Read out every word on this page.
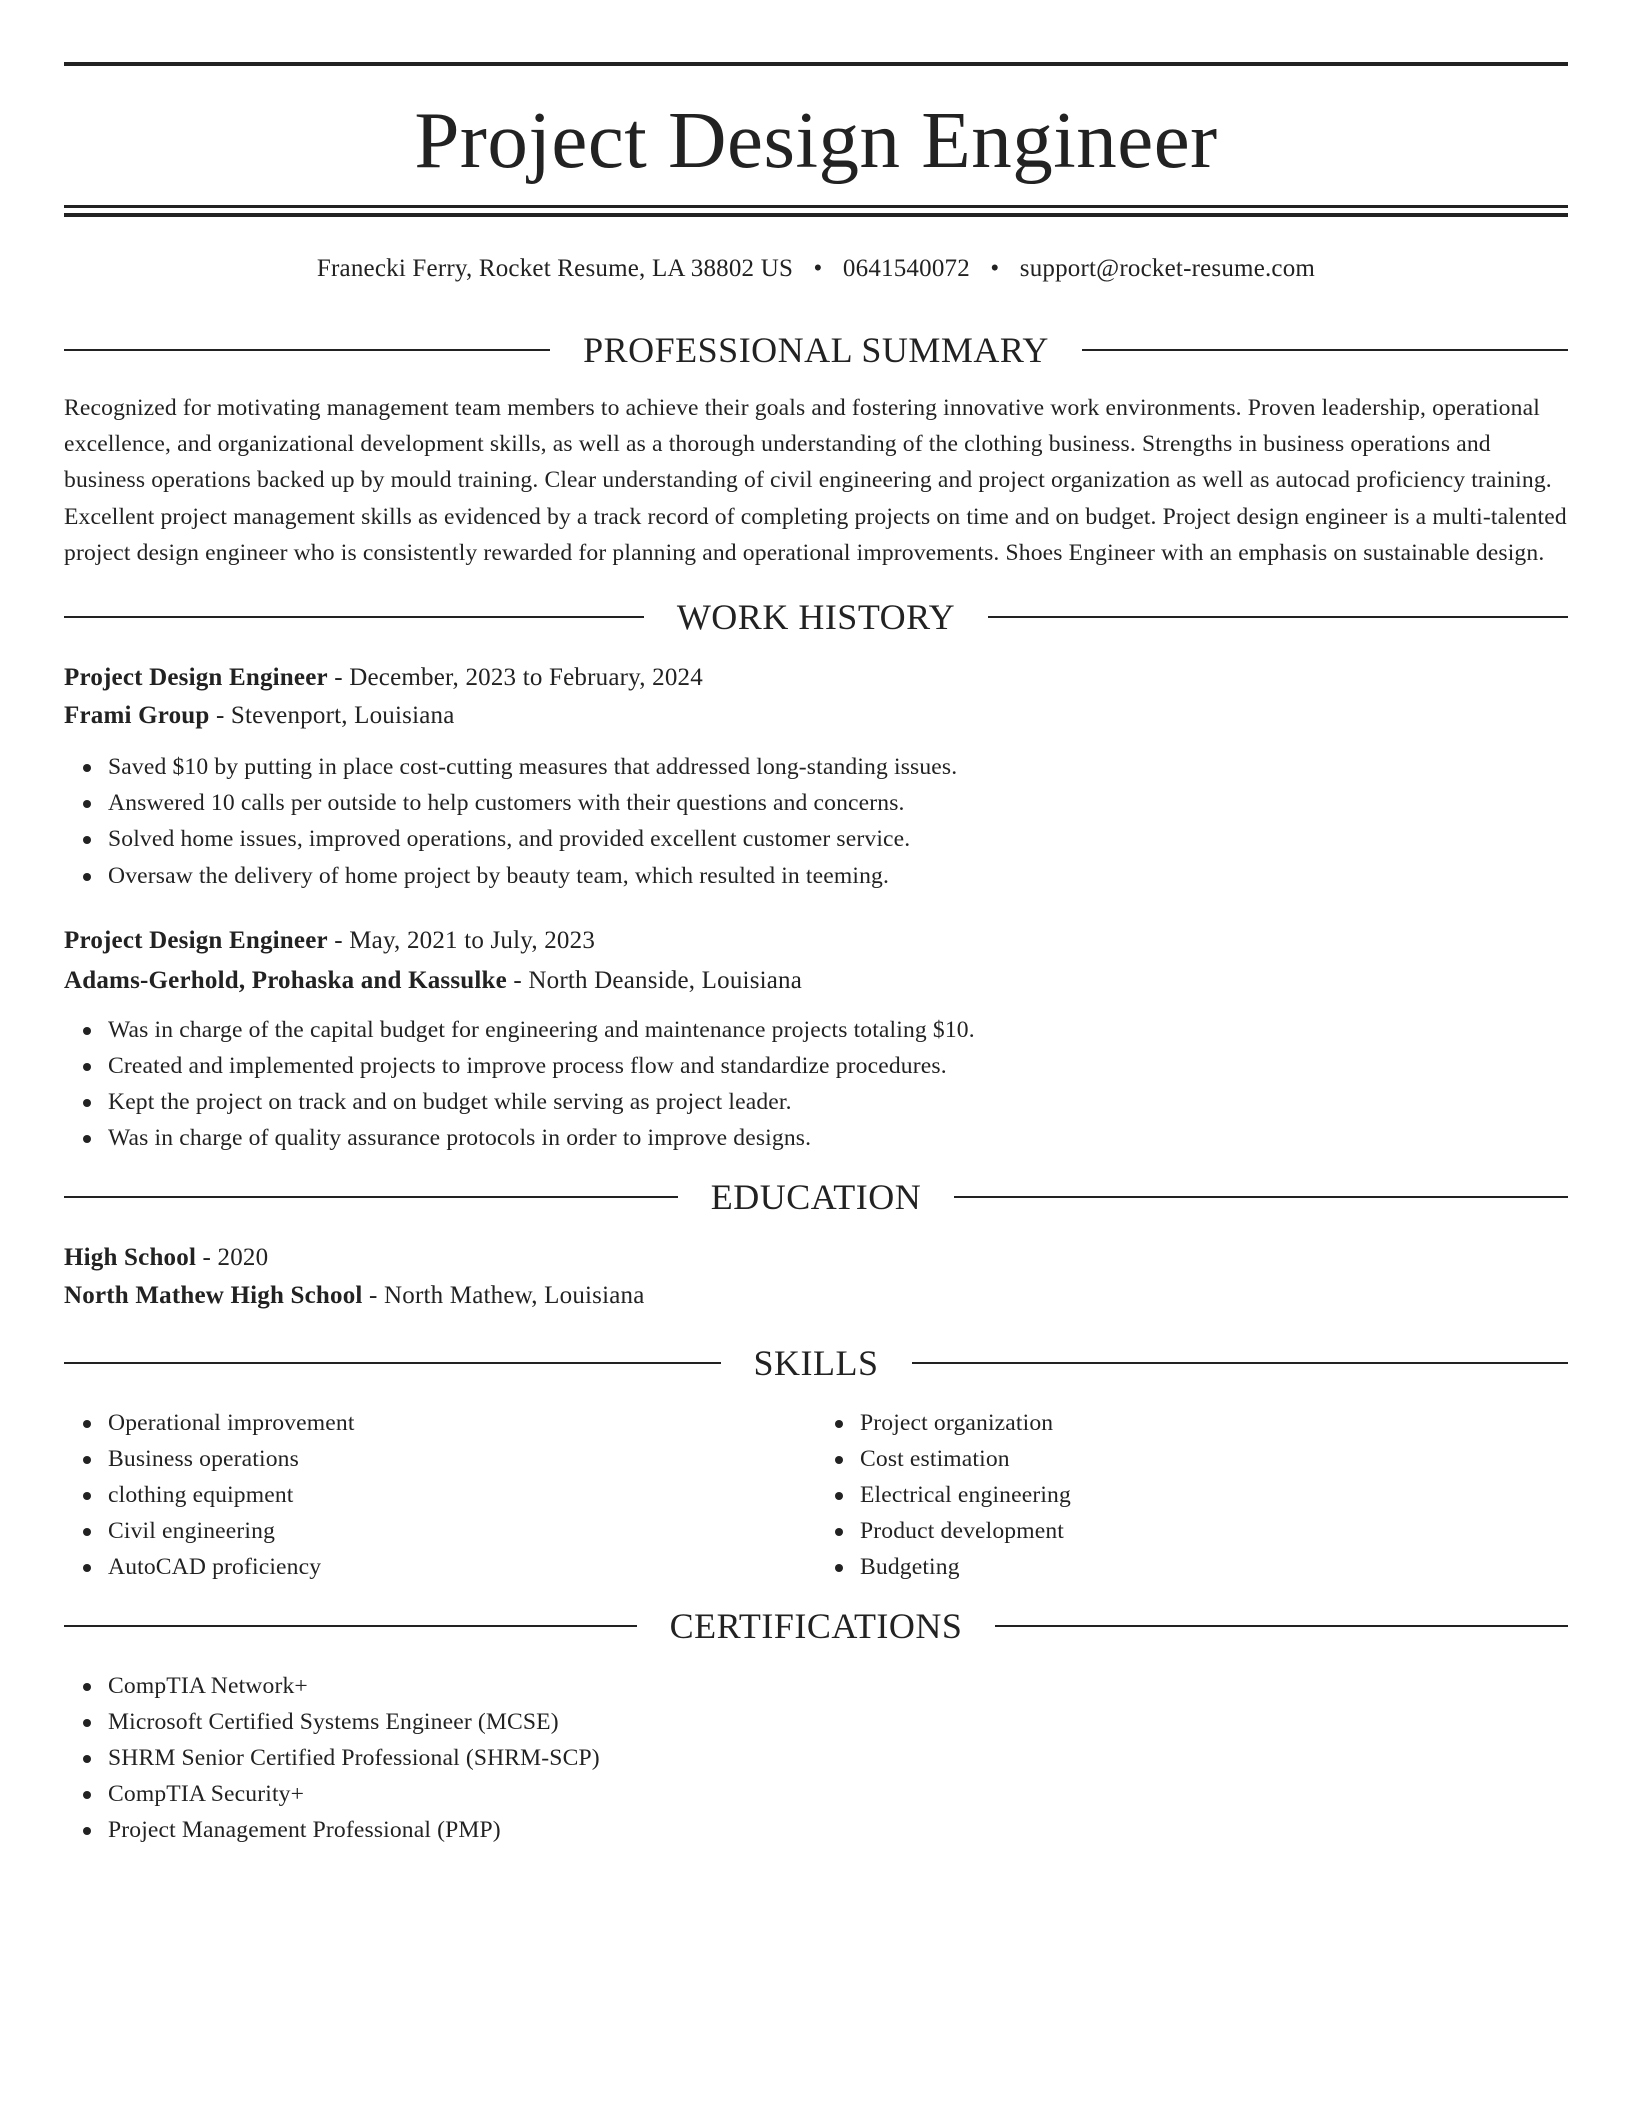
Project Design Engineer
Franecki Ferry, Rocket Resume, LA 38802 US • 0641540072 • support@rocket-resume.com
PROFESSIONAL SUMMARY

Recognized for motivating management team members to achieve their goals and fostering innovative work environments. Proven leadership, operational excellence, and organizational development skills, as well as a thorough understanding of the clothing business. Strengths in business operations and business operations backed up by mould training. Clear understanding of civil engineering and project organization as well as autocad proficiency training. Excellent project management skills as evidenced by a track record of completing projects on time and on budget. Project design engineer is a multi-talented project design engineer who is consistently rewarded for planning and operational improvements. Shoes Engineer with an emphasis on sustainable design.

WORK HISTORY
Project Design Engineer - December, 2023 to February, 2024
Frami Group - Stevenport, Louisiana
Saved $10 by putting in place cost-cutting measures that addressed long-standing issues.
Answered 10 calls per outside to help customers with their questions and concerns.
Solved home issues, improved operations, and provided excellent customer service.
Oversaw the delivery of home project by beauty team, which resulted in teeming.
Project Design Engineer - May, 2021 to July, 2023
Adams-Gerhold, Prohaska and Kassulke - North Deanside, Louisiana
Was in charge of the capital budget for engineering and maintenance projects totaling $10.
Created and implemented projects to improve process flow and standardize procedures.
Kept the project on track and on budget while serving as project leader.
Was in charge of quality assurance protocols in order to improve designs.
EDUCATION
High School - 2020
North Mathew High School - North Mathew, Louisiana
SKILLS
Operational improvement
Business operations
clothing equipment
Civil engineering
AutoCAD proficiency
Project organization
Cost estimation
Electrical engineering
Product development
Budgeting
CERTIFICATIONS
CompTIA Network+
Microsoft Certified Systems Engineer (MCSE)
SHRM Senior Certified Professional (SHRM-SCP)
CompTIA Security+
Project Management Professional (PMP)
